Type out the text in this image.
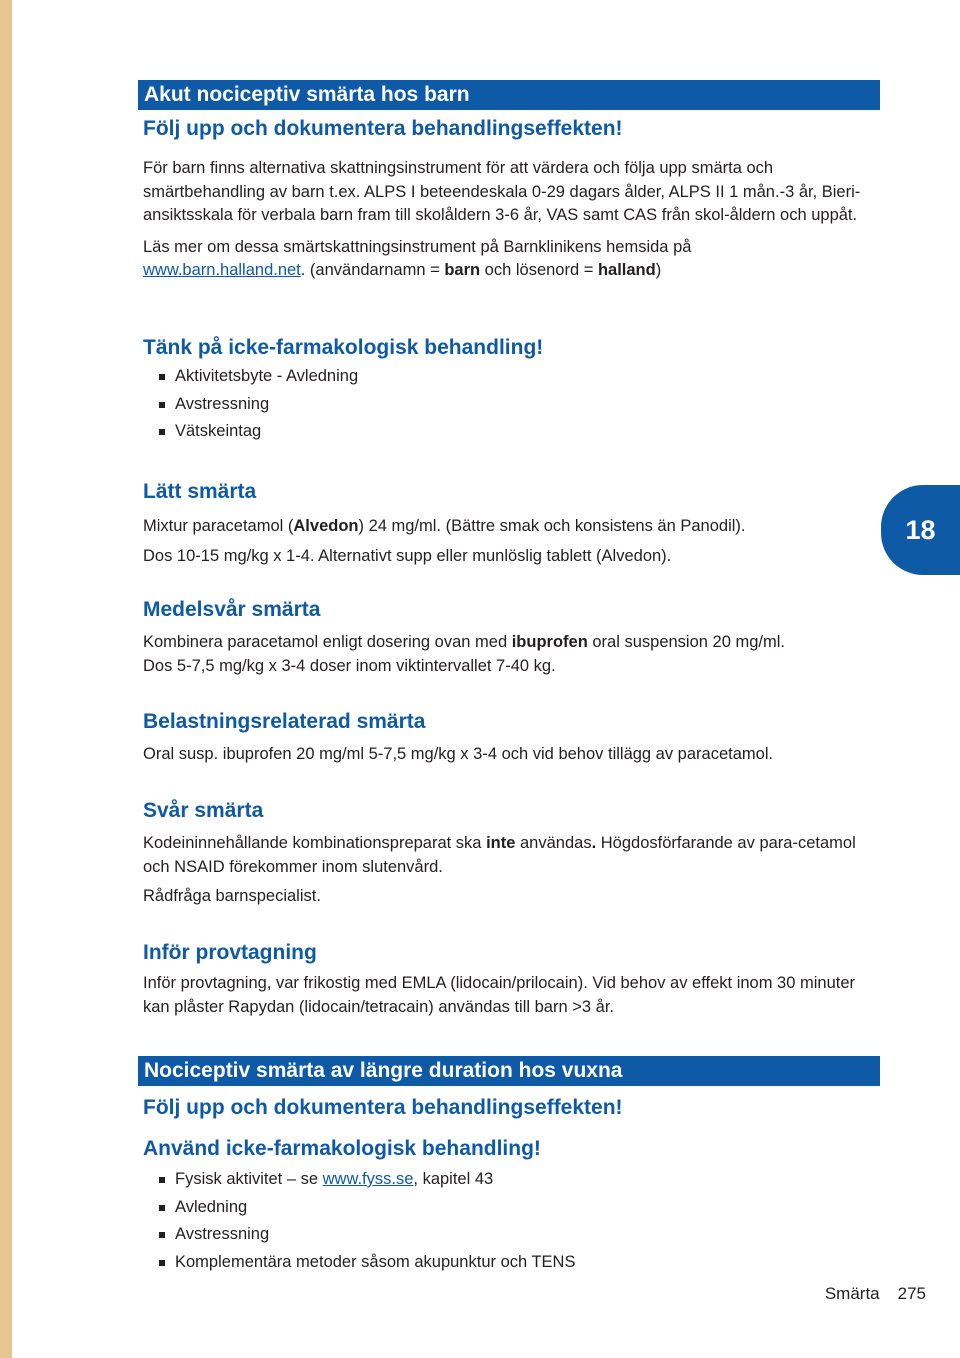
Akut nociceptiv smärta hos barn

Följ upp och dokumentera behandlingseffekten!

För barn finns alternativa skattningsinstrument för att värdera och följa upp smärta och smärtbehandling av barn t.ex. ALPS I beteendeskala 0-29 dagars ålder, ALPS II 1 mån.-3 år, Bieri-ansiktsskala för verbala barn fram till skolåldern 3-6 år, VAS samt CAS från skol-åldern och uppåt.

Läs mer om dessa smärtskattningsinstrument på Barnklinikens hemsida på
www.barn.halland.net. (användarnamn = barn och lösenord = halland)

Tänk på icke-farmakologisk behandling!

Aktivitetsbyte - Avledning
Avstressning
Vätskeintag

Lätt smärta

Mixtur paracetamol (Alvedon) 24 mg/ml. (Bättre smak och konsistens än Panodil).

Dos 10-15 mg/kg x 1-4. Alternativt supp eller munlöslig tablett (Alvedon).

18

Medelsvår smärta

Kombinera paracetamol enligt dosering ovan med ibuprofen oral suspension 20 mg/ml.

Dos 5-7,5 mg/kg x 3-4 doser inom viktintervallet 7-40 kg.

Belastningsrelaterad smärta

Oral susp. ibuprofen 20 mg/ml 5-7,5 mg/kg x 3-4 och vid behov tillägg av paracetamol.

Svår smärta

Kodeininnehållande kombinationspreparat ska inte användas. Högdosförfarande av para-cetamol och NSAID förekommer inom slutenvård.

Rådfråga barnspecialist.

Inför provtagning

Inför provtagning, var frikostig med EMLA (lidocain/prilocain). Vid behov av effekt inom 30 minuter kan plåster Rapydan (lidocain/tetracain) användas till barn >3 år.

Nociceptiv smärta av längre duration hos vuxna

Följ upp och dokumentera behandlingseffekten!

Använd icke-farmakologisk behandling!

Fysisk aktivitet – se www.fyss.se, kapitel 43
Avledning
Avstressning
Komplementära metoder såsom akupunktur och TENS
Smärta 275
